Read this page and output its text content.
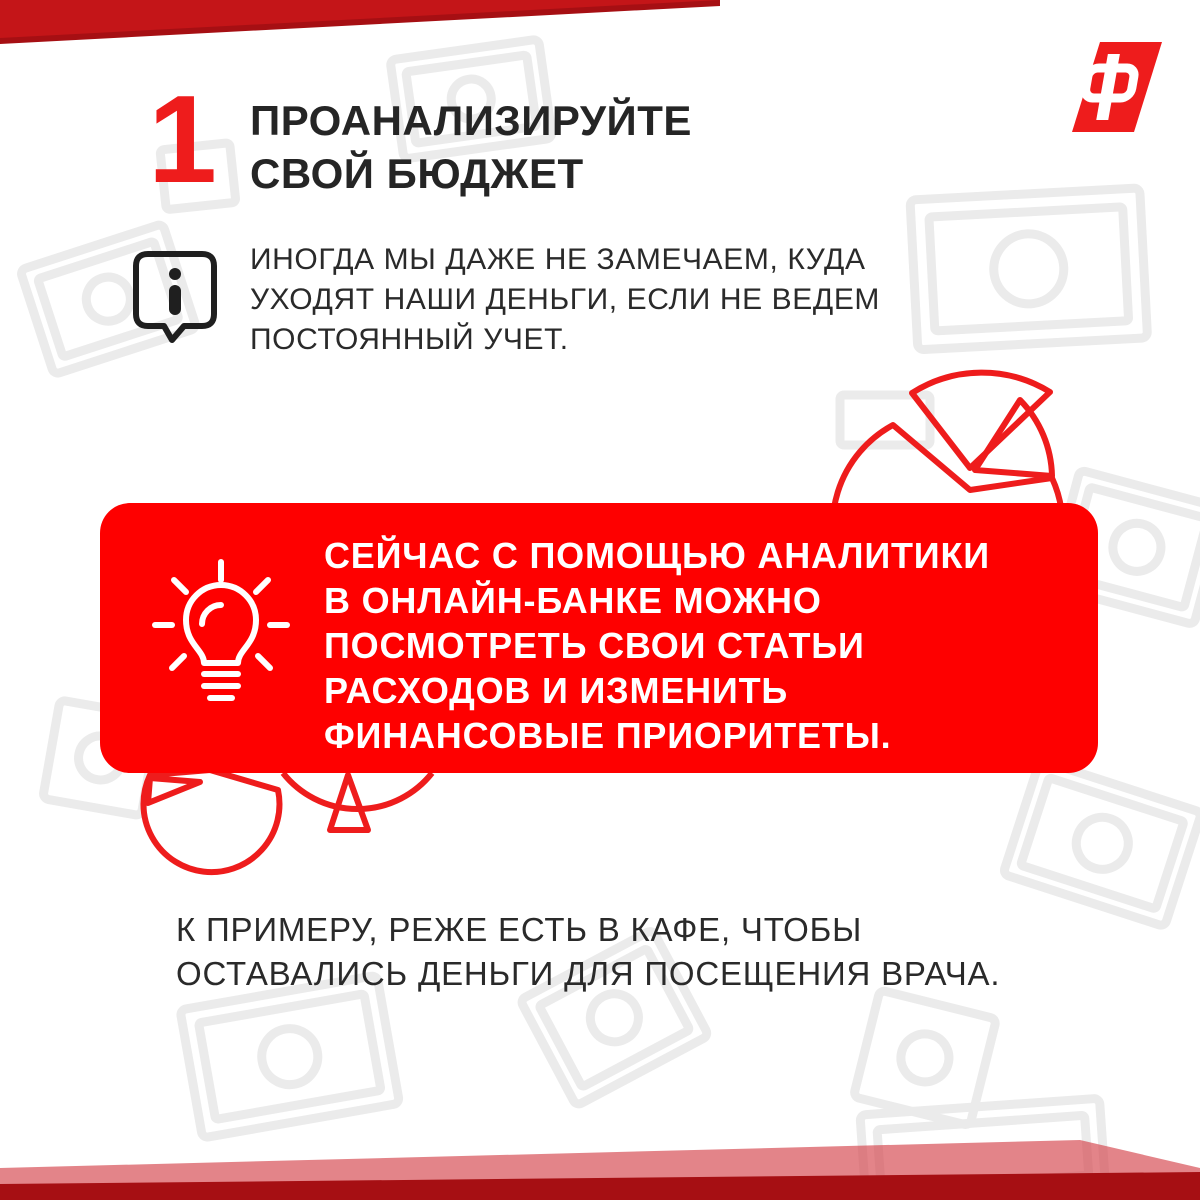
1 ПРОАНАЛИЗИРУЙТЕ
СВОЙ БЮДЖЕТ

ИНОГДА МЫ ДАЖЕ НЕ ЗАМЕЧАЕМ, КУДА
УХОДЯТ НАШИ ДЕНЬГИ, ЕСЛИ НЕ ВЕДЕМ
ПОСТОЯННЫЙ УЧЕТ.

СЕЙЧАС С ПОМОЩЬЮ АНАЛИТИКИ
В ОНЛАЙН-БАНКЕ МОЖНО
ПОСМОТРЕТЬ СВОИ СТАТЬИ
РАСХОДОВ И ИЗМЕНИТЬ
ФИНАНСОВЫЕ ПРИОРИТЕТЫ.

К ПРИМЕРУ, РЕЖЕ ЕСТЬ В КАФЕ, ЧТОБЫ
ОСТАВАЛИСЬ ДЕНЬГИ ДЛЯ ПОСЕЩЕНИЯ ВРАЧА.
